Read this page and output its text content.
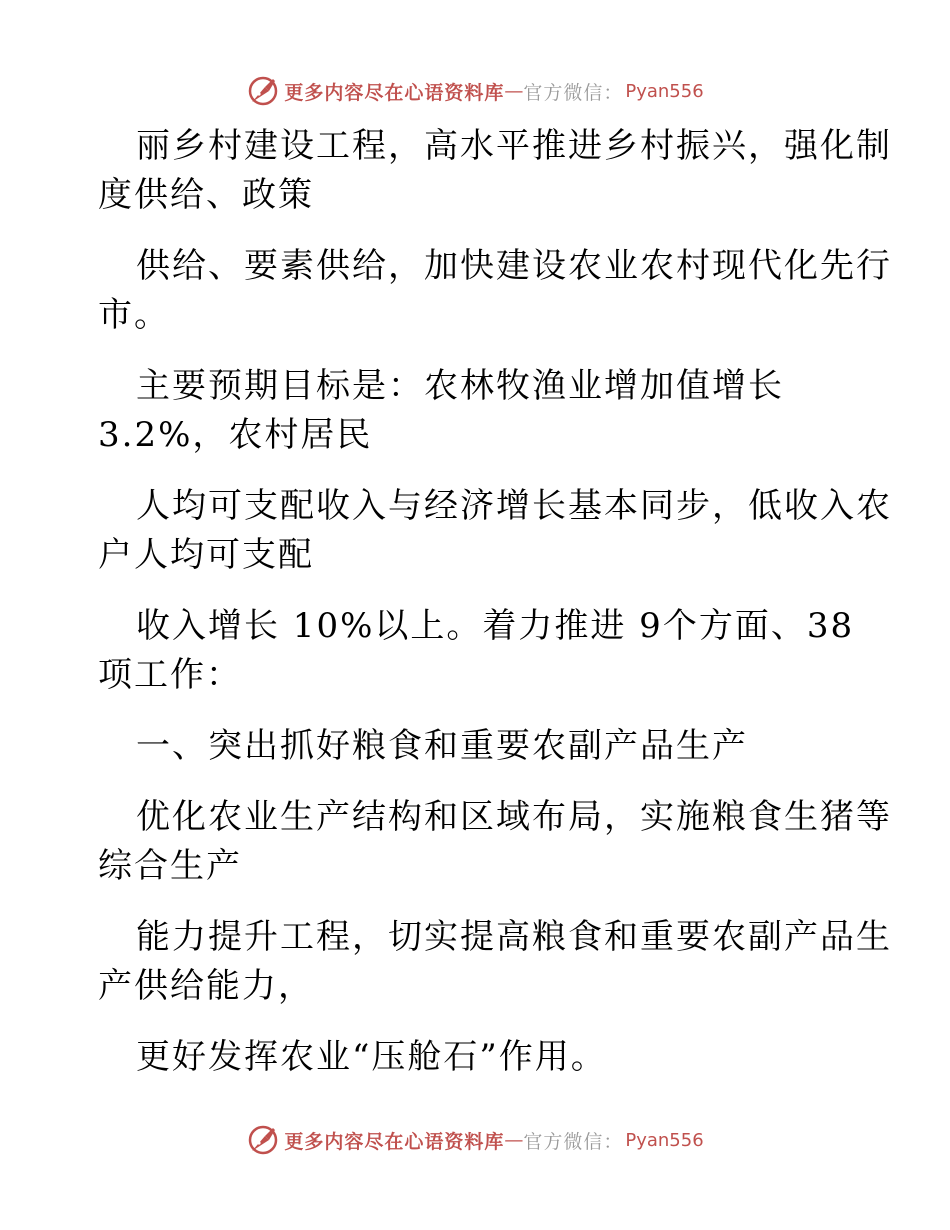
更多内容尽在心语资料库 — 官方微信： Pyan556
丽乡村建设工程，高水平推进乡村振兴，强化制
度供给、政策
供给、要素供给，加快建设农业农村现代化先行
市。
主要预期目标是：农林牧渔业增加值增长
3.2%，农村居民
人均可支配收入与经济增长基本同步，低收入农
户人均可支配
收入增长 10%以上。着力推进 9个方面、38
项工作：
一、突出抓好粮食和重要农副产品生产
优化农业生产结构和区域布局，实施粮食生猪等
综合生产
能力提升工程，切实提高粮食和重要农副产品生
产供给能力，
更好发挥农业“压舱石”作用。
更多内容尽在心语资料库 — 官方微信： Pyan556
